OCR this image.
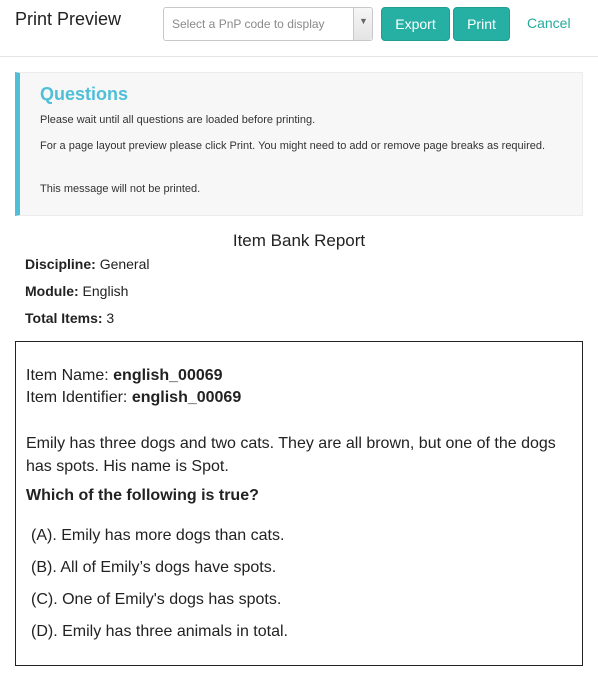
Print Preview	Select a PnP code to display	▼	Export	Print	Cancel
Questions
Please wait until all questions are loaded before printing.
For a page layout preview please click Print. You might need to add or remove page breaks as required.
This message will not be printed.
Item Bank Report
Discipline: General
Module: English
Total Items: 3
Item Name: english_00069
Item Identifier: english_00069
Emily has three dogs and two cats. They are all brown, but one of the dogs has spots. His name is Spot.
Which of the following is true?
(A). Emily has more dogs than cats.
(B). All of Emily’s dogs have spots.
(C). One of Emily's dogs has spots.
(D). Emily has three animals in total.
